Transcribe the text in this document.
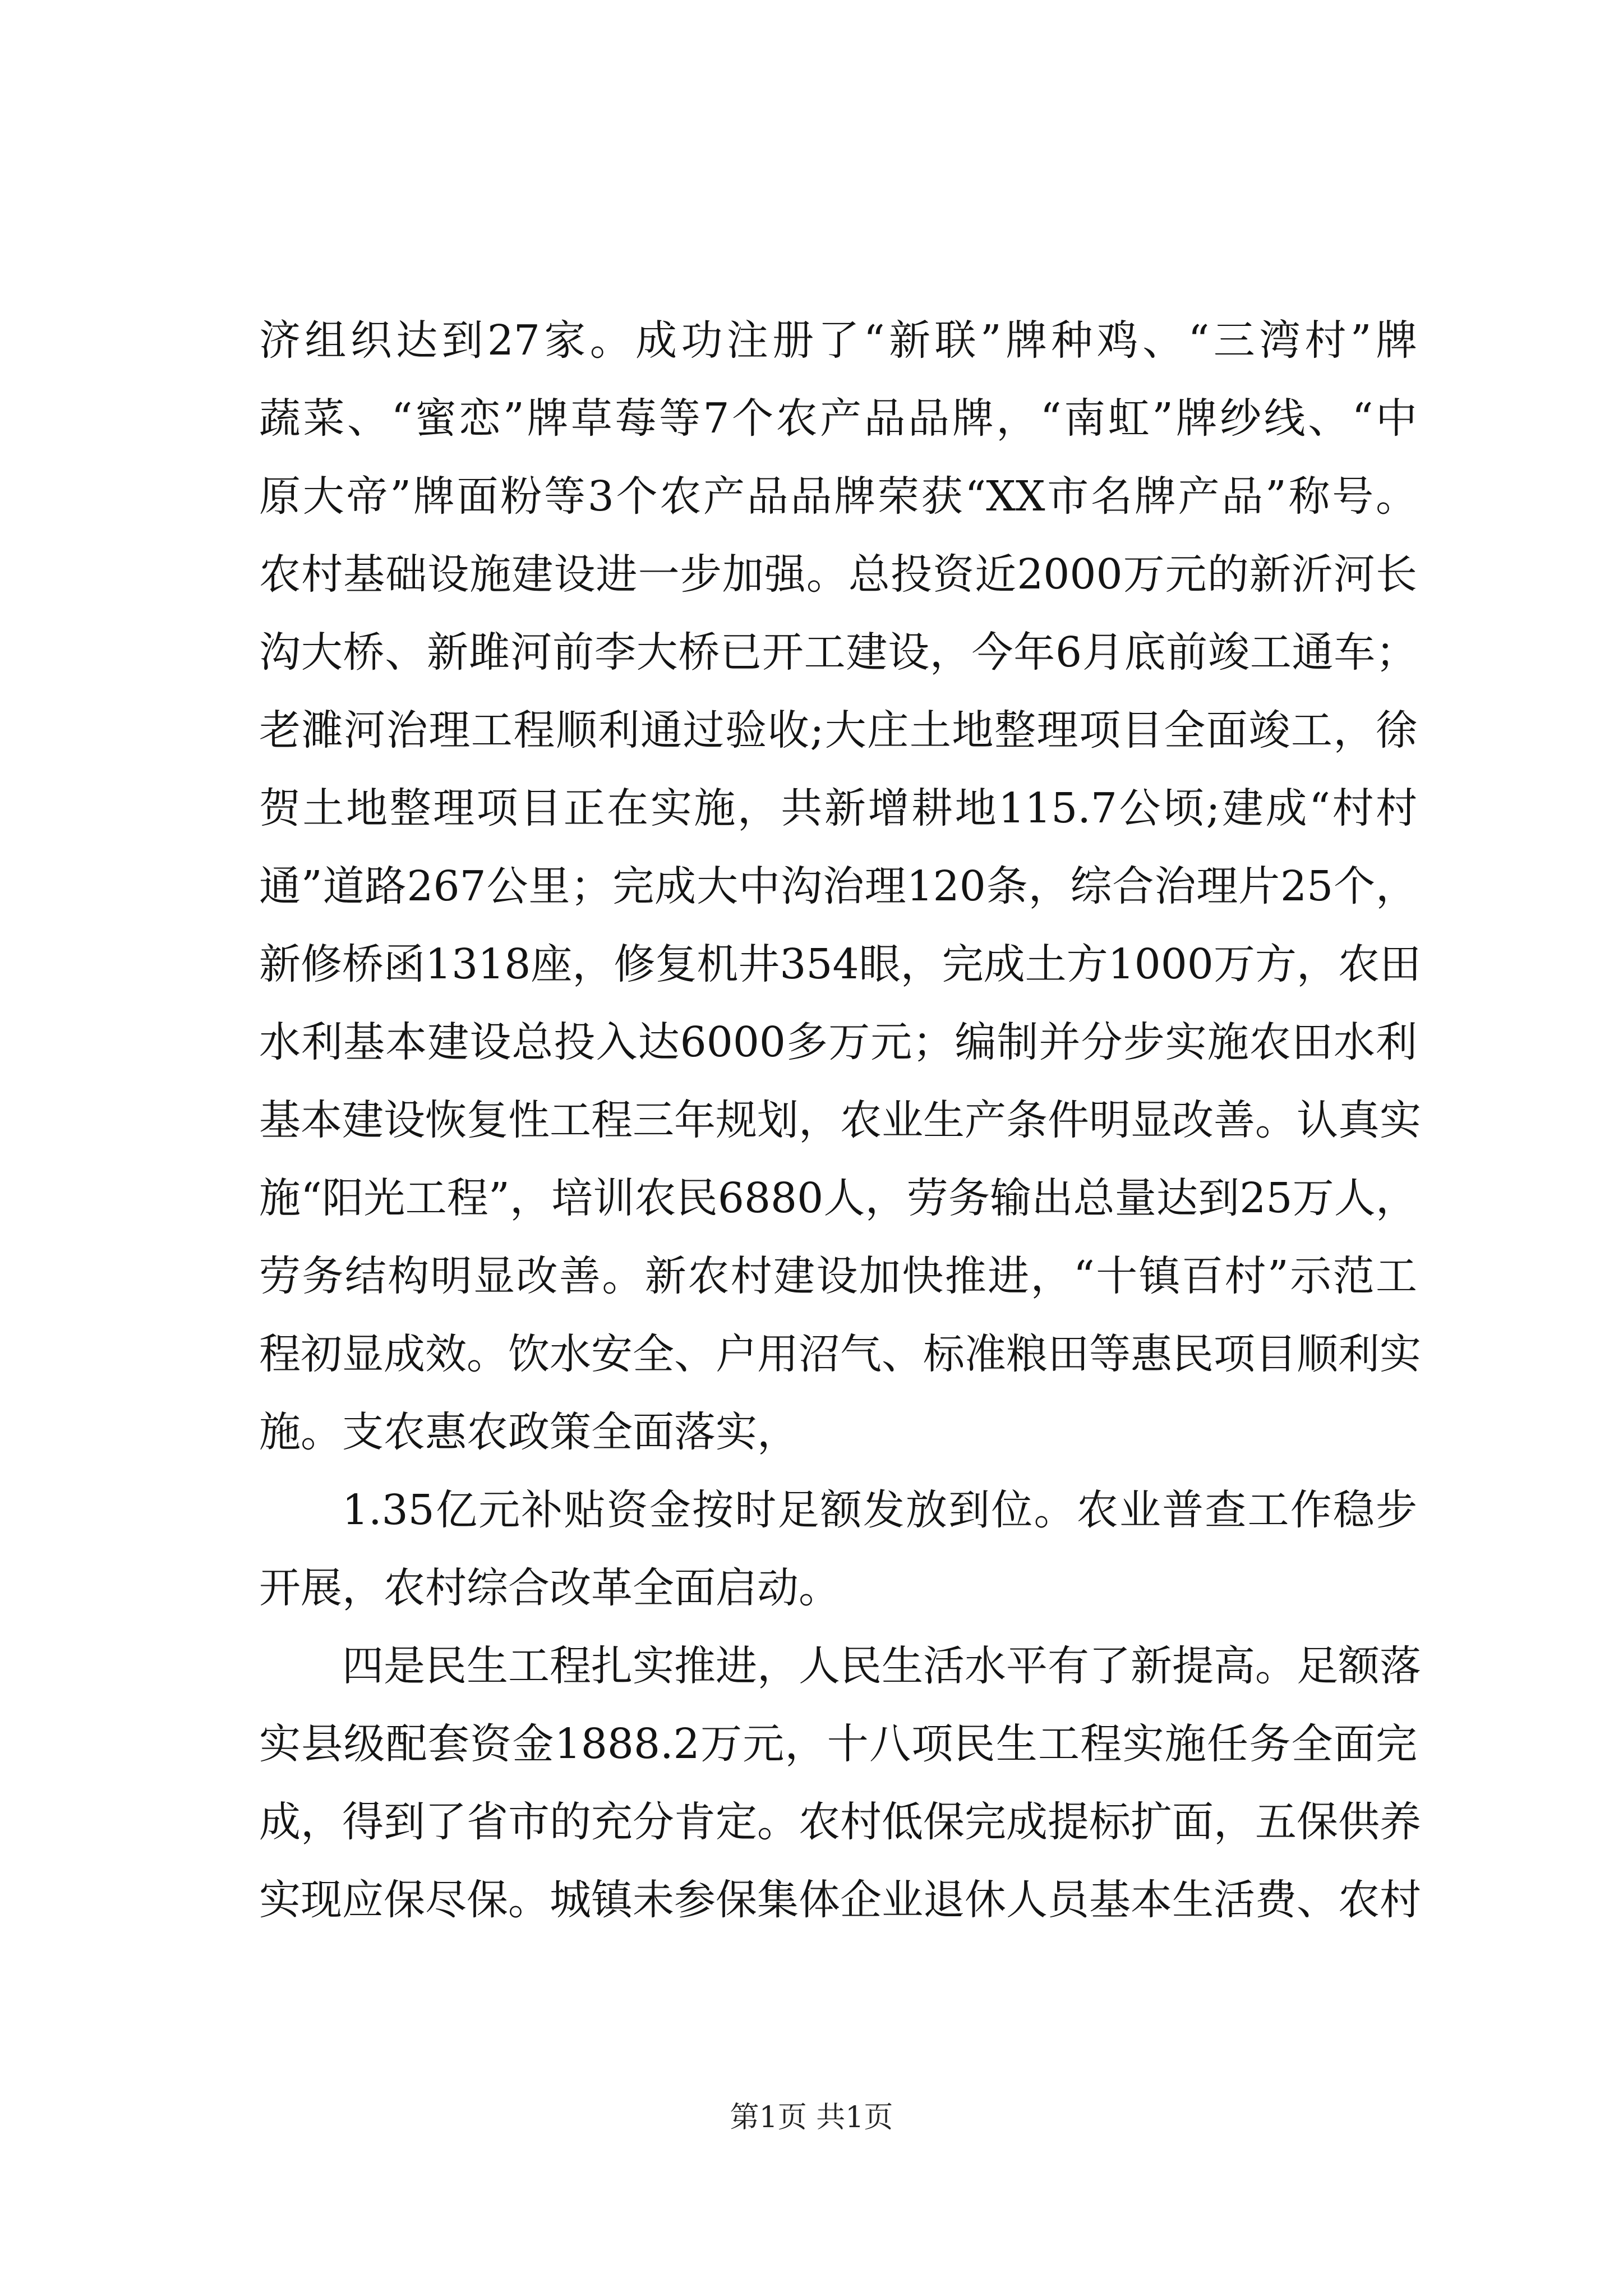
济组织达到27家。成功注册了“新联”牌种鸡、“三湾村”牌
蔬菜、“蜜恋”牌草莓等7个农产品品牌，“南虹”牌纱线、“中
原大帝”牌面粉等3个农产品品牌荣获“XX市名牌产品”称号。
农村基础设施建设进一步加强。总投资近2000万元的新沂河长
沟大桥、新雎河前李大桥已开工建设，今年6月底前竣工通车；
老濉河治理工程顺利通过验收;大庄土地整理项目全面竣工，徐
贺土地整理项目正在实施，共新增耕地115.7公顷;建成“村村
通”道路267公里；完成大中沟治理120条，综合治理片25个，
新修桥函1318座，修复机井354眼，完成土方1000万方，农田
水利基本建设总投入达6000多万元；编制并分步实施农田水利
基本建设恢复性工程三年规划，农业生产条件明显改善。认真实
施“阳光工程”，培训农民6880人，劳务输出总量达到25万人，
劳务结构明显改善。新农村建设加快推进，“十镇百村”示范工
程初显成效。饮水安全、户用沼气、标准粮田等惠民项目顺利实
施。支农惠农政策全面落实，
1.35亿元补贴资金按时足额发放到位。农业普查工作稳步
开展，农村综合改革全面启动。
四是民生工程扎实推进，人民生活水平有了新提高。足额落
实县级配套资金1888.2万元，十八项民生工程实施任务全面完
成，得到了省市的充分肯定。农村低保完成提标扩面，五保供养
实现应保尽保。城镇未参保集体企业退休人员基本生活费、农村
第1页 共1页
